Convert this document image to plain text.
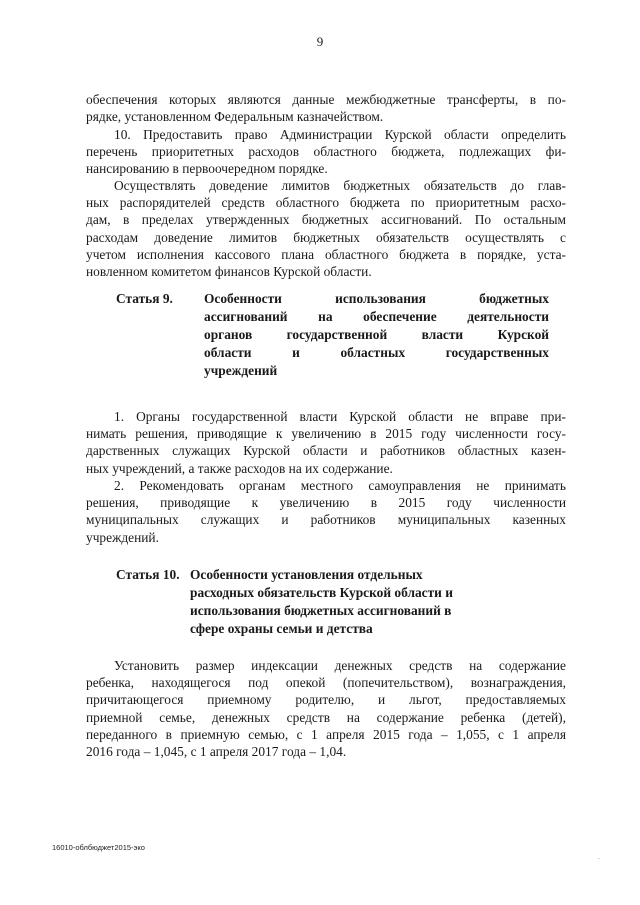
9
обеспечения которых являются данные межбюджетные трансферты, в по-
рядке, установленном Федеральным казначейством.
10. Предоставить право Администрации Курской области определить
перечень приоритетных расходов областного бюджета, подлежащих фи-
нансированию в первоочередном порядке.
Осуществлять доведение лимитов бюджетных обязательств до глав-
ных распорядителей средств областного бюджета по приоритетным расхо-
дам, в пределах утвержденных бюджетных ассигнований. По остальным
расходам доведение лимитов бюджетных обязательств осуществлять с
учетом исполнения кассового плана областного бюджета в порядке, уста-
новленном комитетом финансов Курской области.
Статья 9. Особенности использования бюджетных
ассигнований на обеспечение деятельности
органов государственной власти Курской
области и областных государственных
учреждений
1. Органы государственной власти Курской области не вправе при-
нимать решения, приводящие к увеличению в 2015 году численности госу-
дарственных служащих Курской области и работников областных казен-
ных учреждений, а также расходов на их содержание.
2. Рекомендовать органам местного самоуправления не принимать
решения, приводящие к увеличению в 2015 году численности
муниципальных служащих и работников муниципальных казенных
учреждений.
Статья 10. Особенности установления отдельных
расходных обязательств Курской области и
использования бюджетных ассигнований в
сфере охраны семьи и детства
Установить размер индексации денежных средств на содержание
ребенка, находящегося под опекой (попечительством), вознаграждения,
причитающегося приемному родителю, и льгот, предоставляемых
приемной семье, денежных средств на содержание ребенка (детей),
переданного в приемную семью, с 1 апреля 2015 года – 1,055, с 1 апреля
2016 года – 1,045, с 1 апреля 2017 года – 1,04.
16010-облбюджет2015-эко
.
